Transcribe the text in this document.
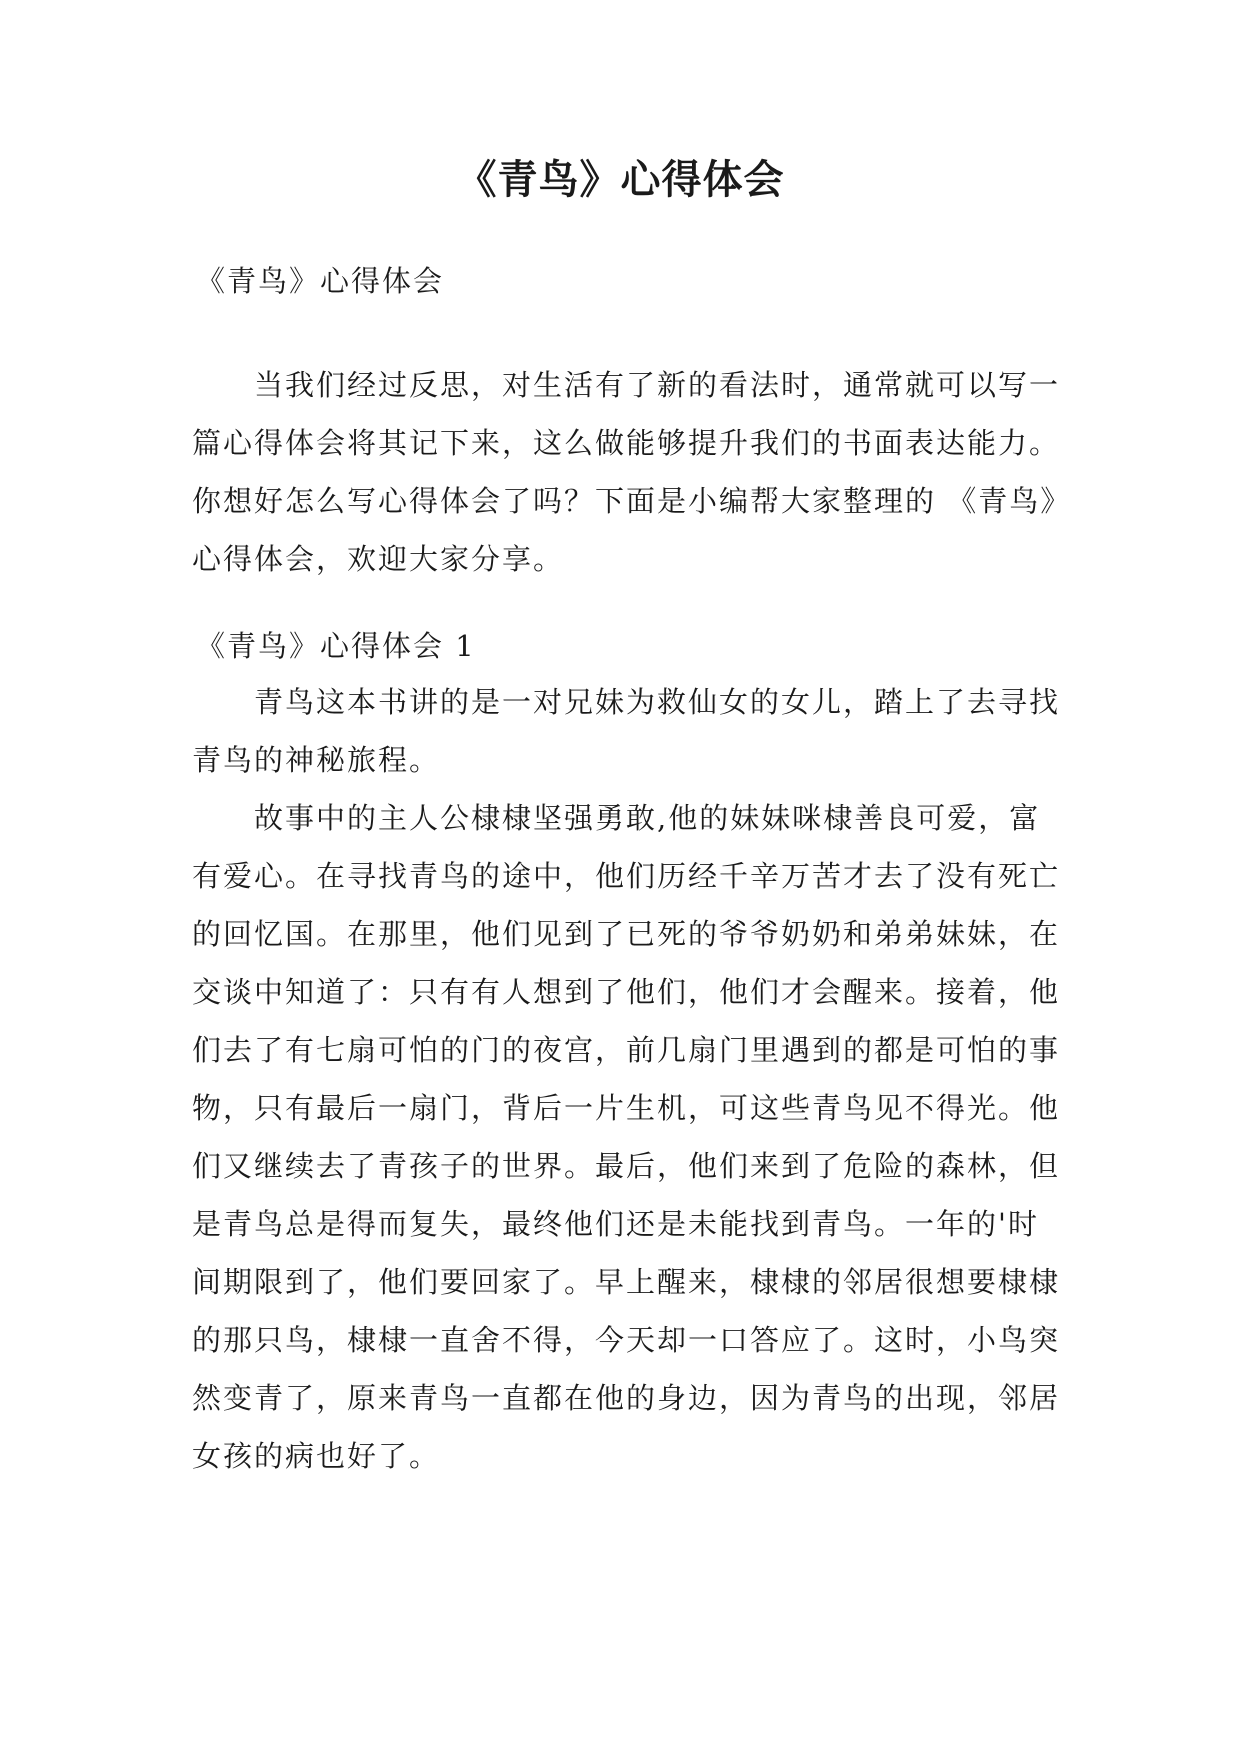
《青鸟》心得体会

《青鸟》心得体会

当我们经过反思，对生活有了新的看法时，通常就可以写一篇心得体会将其记下来，这么做能够提升我们的书面表达能力。你想好怎么写心得体会了吗？下面是小编帮大家整理的 《青鸟》心得体会，欢迎大家分享。

《青鸟》心得体会 1

青鸟这本书讲的是一对兄妹为救仙女的女儿，踏上了去寻找青鸟的神秘旅程。

故事中的主人公棣棣坚强勇敢,他的妹妹咪棣善良可爱，富有爱心。在寻找青鸟的途中，他们历经千辛万苦才去了没有死亡的回忆国。在那里，他们见到了已死的爷爷奶奶和弟弟妹妹，在交谈中知道了：只有有人想到了他们，他们才会醒来。接着，他们去了有七扇可怕的门的夜宫，前几扇门里遇到的都是可怕的事物，只有最后一扇门，背后一片生机，可这些青鸟见不得光。他们又继续去了青孩子的世界。最后，他们来到了危险的森林，但是青鸟总是得而复失，最终他们还是未能找到青鸟。一年的'时间期限到了，他们要回家了。早上醒来，棣棣的邻居很想要棣棣的那只鸟，棣棣一直舍不得，今天却一口答应了。这时，小鸟突然变青了，原来青鸟一直都在他的身边，因为青鸟的出现，邻居女孩的病也好了。
